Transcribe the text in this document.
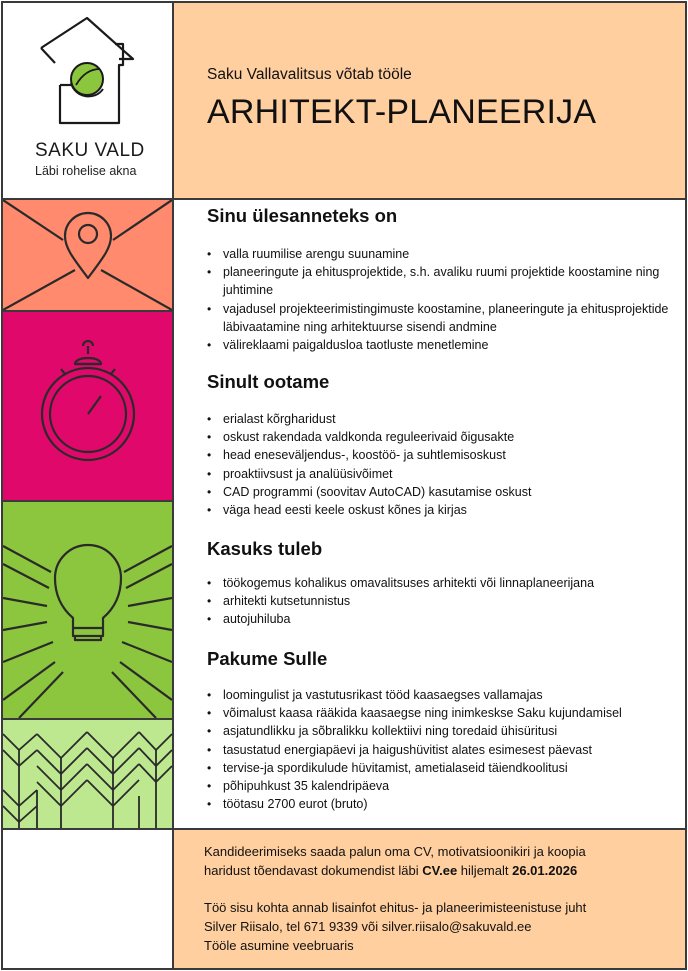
SAKU VALD
Läbi rohelise akna
Saku Vallavalitsus võtab tööle
ARHITEKT-PLANEERIJA
Sinu ülesanneteks on
• valla ruumilise arengu suunamine
• planeeringute ja ehitusprojektide, s.h. avaliku ruumi projektide koostamine ning juhtimine
• vajadusel projekteerimistingimuste koostamine, planeeringute ja ehitusprojektide läbivaatamine ning arhitektuurse sisendi andmine
• välireklaami paigaldusloa taotluste menetlemine
Sinult ootame
• erialast kõrgharidust
• oskust rakendada valdkonda reguleerivaid õigusakte
• head eneseväljendus-, koostöö- ja suhtlemisoskust
• proaktiivsust ja analüüsivõimet
• CAD programmi (soovitav AutoCAD) kasutamise oskust
• väga head eesti keele oskust kõnes ja kirjas
Kasuks tuleb
• töökogemus kohalikus omavalitsuses arhitekti või linnaplaneerijana
• arhitekti kutsetunnistus
• autojuhiluba
Pakume Sulle
• loomingulist ja vastutusrikast tööd kaasaegses vallamajas
• võimalust kaasa rääkida kaasaegse ning inimkeskse Saku kujundamisel
• asjatundlikku ja sõbralikku kollektiivi ning toredaid ühisüritusi
• tasustatud energiapäevi ja haigushüvitist alates esimesest päevast
• tervise-ja spordikulude hüvitamist, ametialaseid täiendkoolitusi
• põhipuhkust 35 kalendripäeva
• töötasu 2700 eurot (bruto)
Kandideerimiseks saada palun oma CV, motivatsioonikiri ja koopia
haridust tõendavast dokumendist läbi CV.ee hiljemalt 26.01.2026
Töö sisu kohta annab lisainfot ehitus- ja planeerimisteenistuse juht
Silver Riisalo, tel 671 9339 või silver.riisalo@sakuvald.ee
Tööle asumine veebruaris
